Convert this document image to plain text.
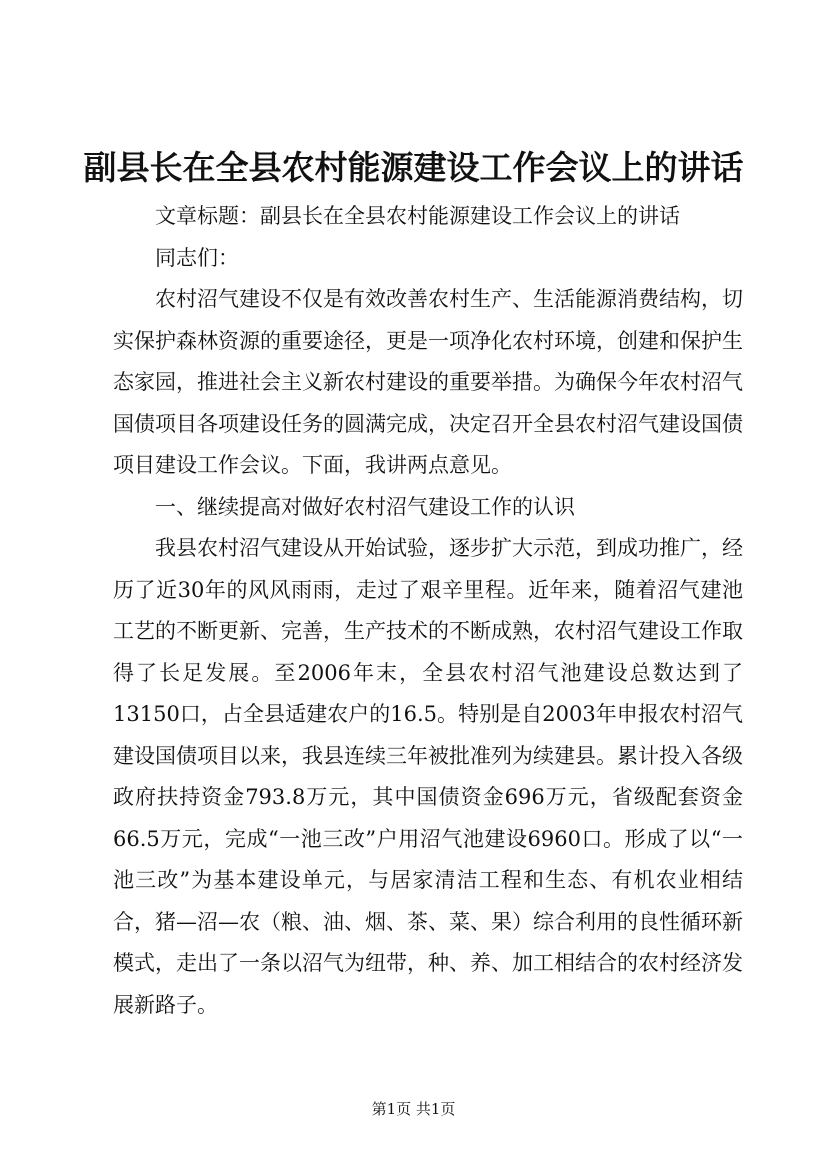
副县长在全县农村能源建设工作会议上的讲话

文章标题：副县长在全县农村能源建设工作会议上的讲话

同志们：

农村沼气建设不仅是有效改善农村生产、生活能源消费结构，切实保护森林资源的重要途径，更是一项净化农村环境，创建和保护生态家园，推进社会主义新农村建设的重要举措。为确保今年农村沼气国债项目各项建设任务的圆满完成，决定召开全县农村沼气建设国债项目建设工作会议。下面，我讲两点意见。

一、继续提高对做好农村沼气建设工作的认识

我县农村沼气建设从开始试验，逐步扩大示范，到成功推广，经历了近30年的风风雨雨，走过了艰辛里程。近年来，随着沼气建池工艺的不断更新、完善，生产技术的不断成熟，农村沼气建设工作取得了长足发展。至2006年末，全县农村沼气池建设总数达到了13150口，占全县适建农户的16.5。特别是自2003年申报农村沼气建设国债项目以来，我县连续三年被批准列为续建县。累计投入各级政府扶持资金793.8万元，其中国债资金696万元，省级配套资金66.5万元，完成“一池三改”户用沼气池建设6960口。形成了以“一池三改”为基本建设单元，与居家清洁工程和生态、有机农业相结合，猪—沼—农（粮、油、烟、茶、菜、果）综合利用的良性循环新模式，走出了一条以沼气为纽带，种、养、加工相结合的农村经济发展新路子。

第1页 共1页
